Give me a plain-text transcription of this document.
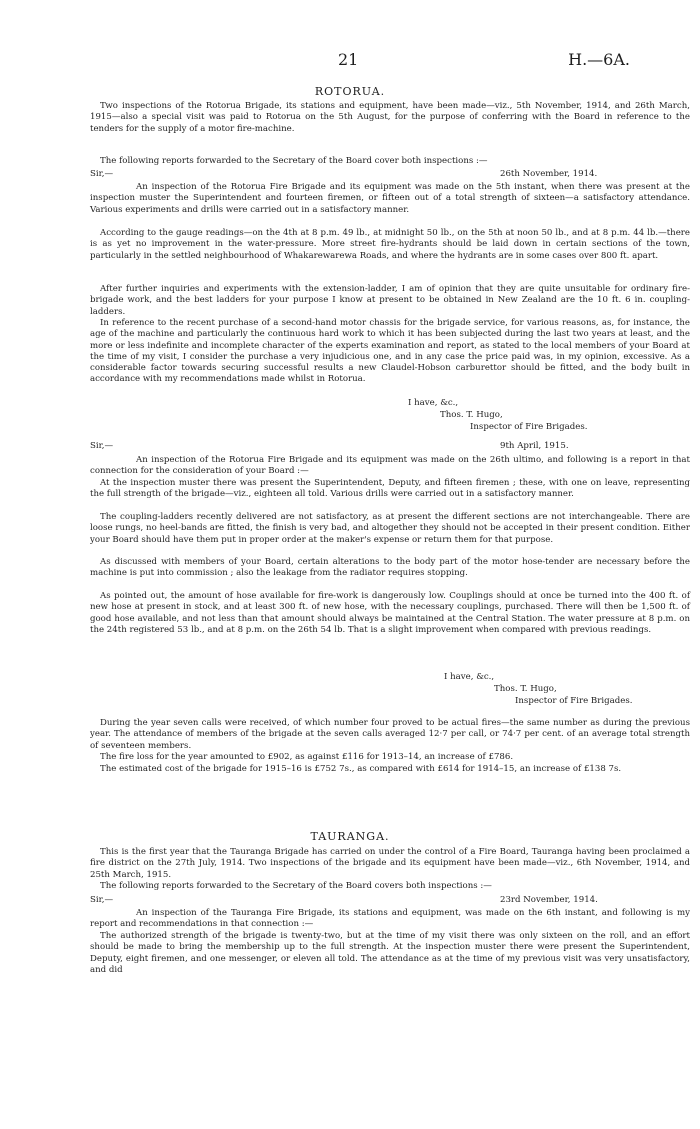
21	H.—6A.
ROTORUA.

Two inspections of the Rotorua Brigade, its stations and equipment, have been made—viz., 5th November, 1914, and 26th March, 1915—also a special visit was paid to Rotorua on the 5th August, for the purpose of conferring with the Board in reference to the tenders for the supply of a motor fire-machine.

The following reports forwarded to the Secretary of the Board cover both inspections :—

Sir,—	26th November, 1914.

An inspection of the Rotorua Fire Brigade and its equipment was made on the 5th instant, when there was present at the inspection muster the Superintendent and fourteen firemen, or fifteen out of a total strength of sixteen—a satisfactory attendance. Various experiments and drills were carried out in a satisfactory manner.

According to the gauge readings—on the 4th at 8 p.m. 49 lb., at midnight 50 lb., on the 5th at noon 50 lb., and at 8 p.m. 44 lb.—there is as yet no improvement in the water-pressure. More street fire-hydrants should be laid down in certain sections of the town, particularly in the settled neighbourhood of Whakarewarewa Roads, and where the hydrants are in some cases over 800 ft. apart.

After further inquiries and experiments with the extension-ladder, I am of opinion that they are quite unsuitable for ordinary fire-brigade work, and the best ladders for your purpose I know at present to be obtained in New Zealand are the 10 ft. 6 in. coupling-ladders.

In reference to the recent purchase of a second-hand motor chassis for the brigade service, for various reasons, as, for instance, the age of the machine and particularly the continuous hard work to which it has been subjected during the last two years at least, and the more or less indefinite and incomplete character of the experts examination and report, as stated to the local members of your Board at the time of my visit, I consider the purchase a very injudicious one, and in any case the price paid was, in my opinion, excessive. As a considerable factor towards securing successful results a new Claudel-Hobson carburettor should be fitted, and the body built in accordance with my recommendations made whilst in Rotorua.

I have, &c.,
Thos. T. Hugo,
Inspector of Fire Brigades.
Sir,—	9th April, 1915.

An inspection of the Rotorua Fire Brigade and its equipment was made on the 26th ultimo, and following is a report in that connection for the consideration of your Board :—

At the inspection muster there was present the Superintendent, Deputy, and fifteen firemen ; these, with one on leave, representing the full strength of the brigade—viz., eighteen all told. Various drills were carried out in a satisfactory manner.

The coupling-ladders recently delivered are not satisfactory, as at present the different sections are not interchangeable. There are loose rungs, no heel-bands are fitted, the finish is very bad, and altogether they should not be accepted in their present condition. Either your Board should have them put in proper order at the maker's expense or return them for that purpose.

As discussed with members of your Board, certain alterations to the body part of the motor hose-tender are necessary before the machine is put into commission ; also the leakage from the radiator requires stopping.

As pointed out, the amount of hose available for fire-work is dangerously low. Couplings should at once be turned into the 400 ft. of new hose at present in stock, and at least 300 ft. of new hose, with the necessary couplings, purchased. There will then be 1,500 ft. of good hose available, and not less than that amount should always be maintained at the Central Station. The water pressure at 8 p.m. on the 24th registered 53 lb., and at 8 p.m. on the 26th 54 lb. That is a slight improvement when compared with previous readings.

I have, &c.,
Thos. T. Hugo,
Inspector of Fire Brigades.

During the year seven calls were received, of which number four proved to be actual fires—the same number as during the previous year. The attendance of members of the brigade at the seven calls averaged 12·7 per call, or 74·7 per cent. of an average total strength of seventeen members.

The fire loss for the year amounted to £902, as against £116 for 1913–14, an increase of £786.

The estimated cost of the brigade for 1915–16 is £752 7s., as compared with £614 for 1914–15, an increase of £138 7s.

TAURANGA.

This is the first year that the Tauranga Brigade has carried on under the control of a Fire Board, Tauranga having been proclaimed a fire district on the 27th July, 1914. Two inspections of the brigade and its equipment have been made—viz., 6th November, 1914, and 25th March, 1915.

The following reports forwarded to the Secretary of the Board covers both inspections :—

Sir,—	23rd November, 1914.

An inspection of the Tauranga Fire Brigade, its stations and equipment, was made on the 6th instant, and following is my report and recommendations in that connection :—

The authorized strength of the brigade is twenty-two, but at the time of my visit there was only sixteen on the roll, and an effort should be made to bring the membership up to the full strength. At the inspection muster there were present the Superintendent, Deputy, eight firemen, and one messenger, or eleven all told. The attendance as at the time of my previous visit was very unsatisfactory, and did
